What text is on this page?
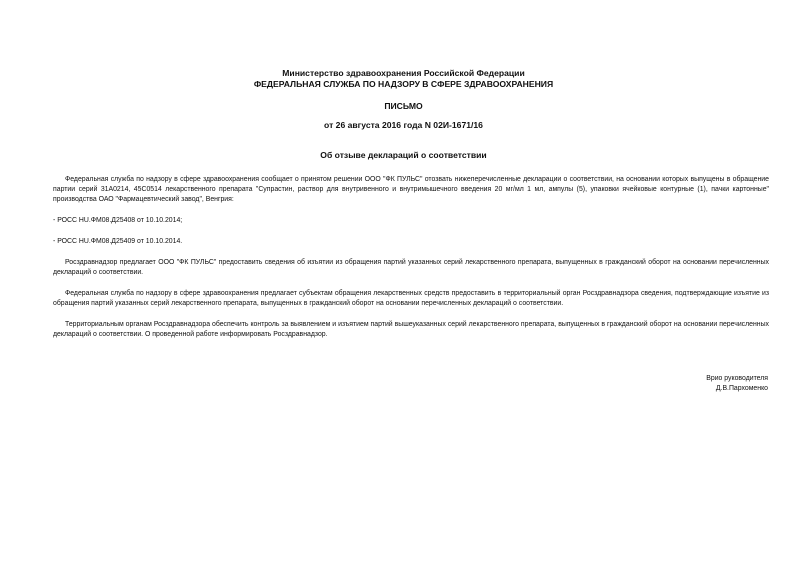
Министерство здравоохранения Российской Федерации
ФЕДЕРАЛЬНАЯ СЛУЖБА ПО НАДЗОРУ В СФЕРЕ ЗДРАВООХРАНЕНИЯ
ПИСЬМО
от 26 августа 2016 года N 02И-1671/16
Об отзыве деклараций о соответствии

Федеральная служба по надзору в сфере здравоохранения сообщает о принятом решении ООО "ФК ПУЛЬС" отозвать нижеперечисленные декларации о соответствии, на основании которых выпущены в обращение партии серий 31А0214, 45С0514 лекарственного препарата "Супрастин, раствор для внутривенного и внутримышечного введения 20 мг/мл 1 мл, ампулы (5), упаковки ячейковые контурные (1), пачки картонные" производства ОАО "Фармацевтический завод", Венгрия:

- РОСС HU.ФМ08.Д25408 от 10.10.2014;

- РОСС HU.ФМ08.Д25409 от 10.10.2014.

Росздравнадзор предлагает ООО "ФК ПУЛЬС" предоставить сведения об изъятии из обращения партий указанных серий лекарственного препарата, выпущенных в гражданский оборот на основании перечисленных деклараций о соответствии.

Федеральная служба по надзору в сфере здравоохранения предлагает субъектам обращения лекарственных средств предоставить в территориальный орган Росздравнадзора сведения, подтверждающие изъятие из обращения партий указанных серий лекарственного препарата, выпущенных в гражданский оборот на основании перечисленных деклараций о соответствии.

Территориальным органам Росздравнадзора обеспечить контроль за выявлением и изъятием партий вышеуказанных серий лекарственного препарата, выпущенных в гражданский оборот на основании перечисленных деклараций о соответствии. О проведенной работе информировать Росздравнадзор.

Врио руководителя
Д.В.Пархоменко
